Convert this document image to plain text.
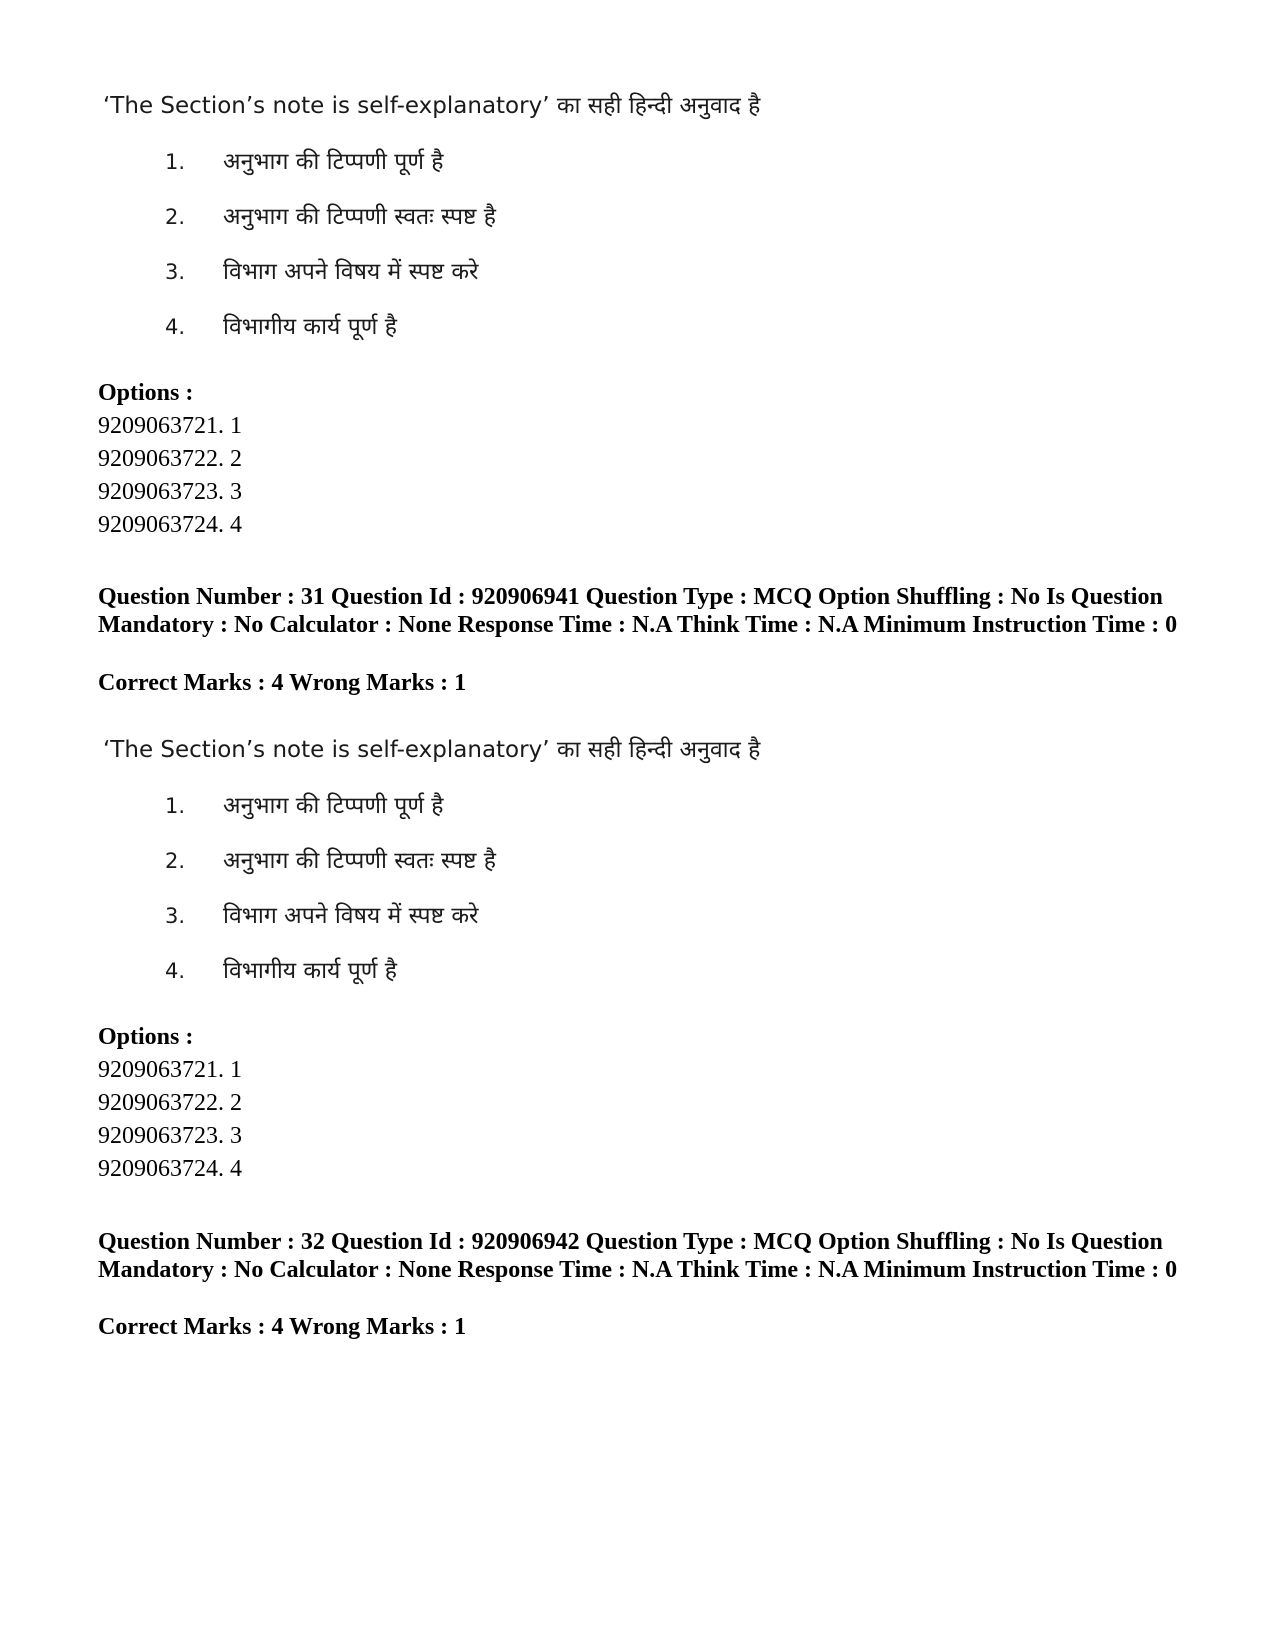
‘The Section’s note is self-explanatory’ का सही हिन्दी अनुवाद है
1. अनुभाग की टिप्पणी पूर्ण है
2. अनुभाग की टिप्पणी स्वतः स्पष्ट है
3. विभाग अपने विषय में स्पष्ट करे
4. विभागीय कार्य पूर्ण है
Options :
9209063721. 1
9209063722. 2
9209063723. 3
9209063724. 4
Question Number : 31 Question Id : 920906941 Question Type : MCQ Option Shuffling : No Is Question Mandatory : No Calculator : None Response Time : N.A Think Time : N.A Minimum Instruction Time : 0
Correct Marks : 4 Wrong Marks : 1
‘The Section’s note is self-explanatory’ का सही हिन्दी अनुवाद है
1. अनुभाग की टिप्पणी पूर्ण है
2. अनुभाग की टिप्पणी स्वतः स्पष्ट है
3. विभाग अपने विषय में स्पष्ट करे
4. विभागीय कार्य पूर्ण है
Options :
9209063721. 1
9209063722. 2
9209063723. 3
9209063724. 4
Question Number : 32 Question Id : 920906942 Question Type : MCQ Option Shuffling : No Is Question Mandatory : No Calculator : None Response Time : N.A Think Time : N.A Minimum Instruction Time : 0
Correct Marks : 4 Wrong Marks : 1
